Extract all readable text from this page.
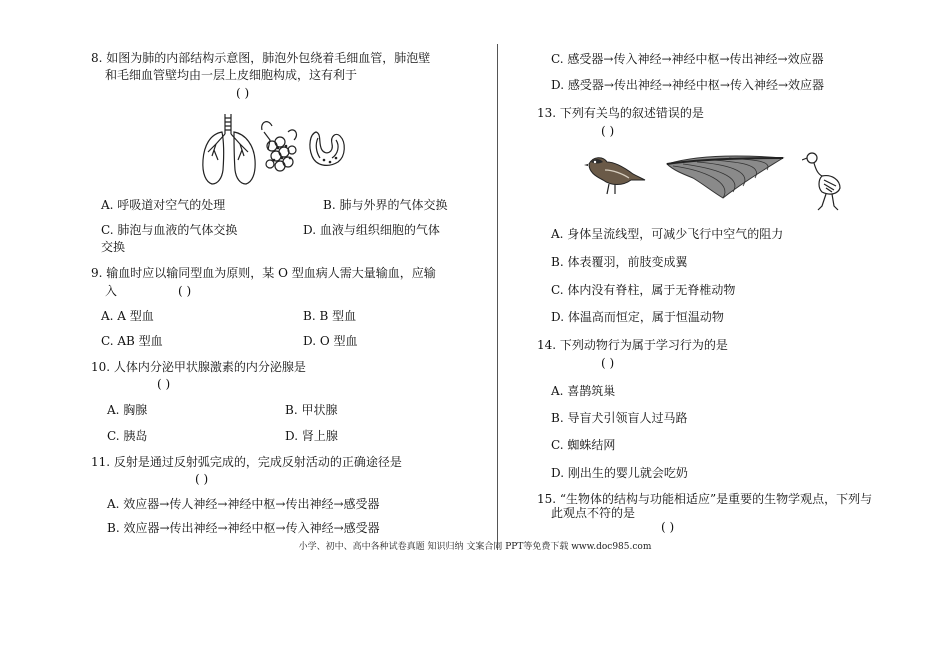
8. 如图为肺的内部结构示意图，肺泡外包绕着毛细血管，肺泡壁
和毛细血管壁均由一层上皮细胞构成，这有利于
( )
A. 呼吸道对空气的处理	B. 肺与外界的气体交换
C. 肺泡与血液的气体交换	D. 血液与组织细胞的气体
交换
9. 输血时应以输同型血为原则，某 O 型血病人需大量输血，应输
入	( )
A. A 型血	B. B 型血
C. AB 型血	D. O 型血
10. 人体内分泌甲状腺激素的内分泌腺是
( )
A. 胸腺	B. 甲状腺
C. 胰岛	D. 肾上腺
11. 反射是通过反射弧完成的，完成反射活动的正确途径是
( )
A. 效应器→传人神经→神经中枢→传出神经→感受器
B. 效应器→传出神经→神经中枢→传入神经→感受器
C. 感受器→传入神经→神经中枢→传出神经→效应器
D. 感受器→传出神经→神经中枢→传入神经→效应器
13. 下列有关鸟的叙述错误的是
( )
A. 身体呈流线型，可减少飞行中空气的阻力
B. 体表覆羽，前肢变成翼
C. 体内没有脊柱，属于无脊椎动物
D. 体温高而恒定，属于恒温动物
14. 下列动物行为属于学习行为的是
( )
A. 喜鹊筑巢
B. 导盲犬引领盲人过马路
C. 蜘蛛结网
D. 刚出生的婴儿就会吃奶
15. “生物体的结构与功能相适应”是重要的生物学观点，下列与
此观点不符的是
( )
小学、初中、高中各种试卷真题 知识归纳 文案合同 PPT等免费下载 www.doc985.com
